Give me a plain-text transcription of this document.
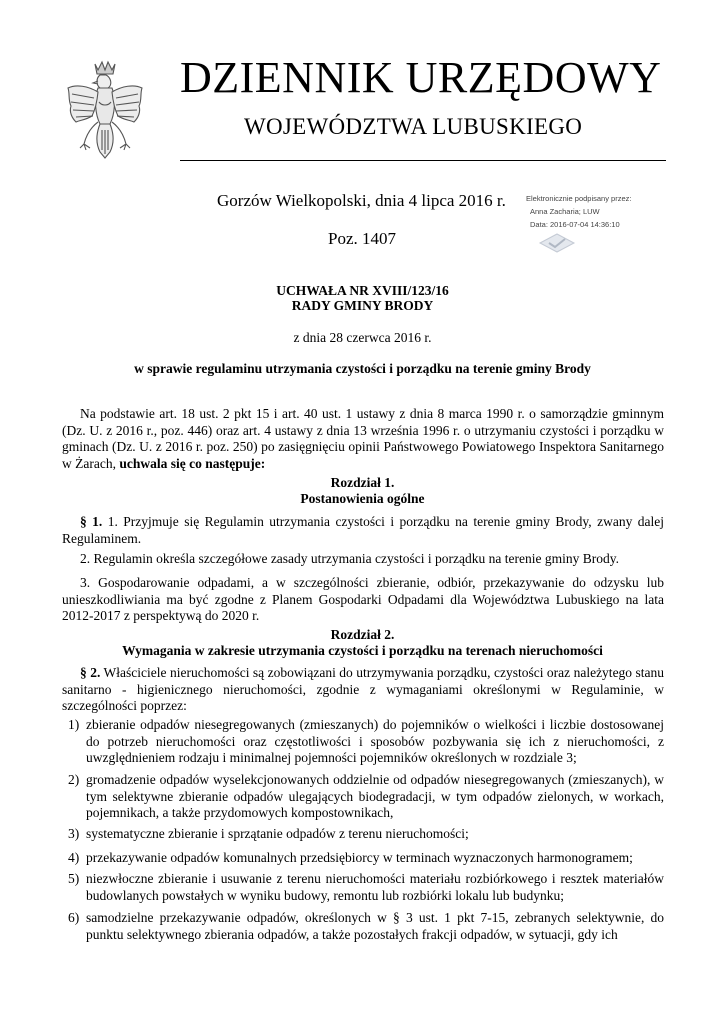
DZIENNIK URZĘDOWY
WOJEWÓDZTWA LUBUSKIEGO
Gorzów Wielkopolski, dnia 4 lipca 2016 r.
Poz. 1407
Elektronicznie podpisany przez:
Anna Zacharia; LUW
Data: 2016-07-04 14:36:10
UCHWAŁA NR XVIII/123/16
RADY GMINY BRODY
z dnia 28 czerwca 2016 r.
w sprawie regulaminu utrzymania czystości i porządku na terenie gminy Brody

Na podstawie art. 18 ust. 2 pkt 15 i art. 40 ust. 1 ustawy z dnia 8 marca 1990 r. o samorządzie gminnym (Dz. U. z 2016 r., poz. 446) oraz art. 4 ustawy z dnia 13 września 1996 r. o utrzymaniu czystości i porządku w gminach (Dz. U. z 2016 r. poz. 250) po zasięgnięciu opinii Państwowego Powiatowego Inspektora Sanitarnego w Żarach, uchwala się co następuje:

Rozdział 1.
Postanowienia ogólne

§ 1. 1. Przyjmuje się Regulamin utrzymania czystości i porządku na terenie gminy Brody, zwany dalej Regulaminem.

2. Regulamin określa szczegółowe zasady utrzymania czystości i porządku na terenie gminy Brody.

3. Gospodarowanie odpadami, a w szczególności zbieranie, odbiór, przekazywanie do odzysku lub unieszkodliwiania ma być zgodne z Planem Gospodarki Odpadami dla Województwa Lubuskiego na lata 2012-2017 z perspektywą do 2020 r.

Rozdział 2.
Wymagania w zakresie utrzymania czystości i porządku na terenach nieruchomości

§ 2. Właściciele nieruchomości są zobowiązani do utrzymywania porządku, czystości oraz należytego stanu sanitarno - higienicznego nieruchomości, zgodnie z wymaganiami określonymi w Regulaminie, w szczególności poprzez:

1) zbieranie odpadów niesegregowanych (zmieszanych) do pojemników o wielkości i liczbie dostosowanej do potrzeb nieruchomości oraz częstotliwości i sposobów pozbywania się ich z nieruchomości, z uwzględnieniem rodzaju i minimalnej pojemności pojemników określonych w rozdziale 3;
2) gromadzenie odpadów wyselekcjonowanych oddzielnie od odpadów niesegregowanych (zmieszanych), w tym selektywne zbieranie odpadów ulegających biodegradacji, w tym odpadów zielonych, w workach, pojemnikach, a także przydomowych kompostownikach,
3) systematyczne zbieranie i sprzątanie odpadów z terenu nieruchomości;
4) przekazywanie odpadów komunalnych przedsiębiorcy w terminach wyznaczonych harmonogramem;
5) niezwłoczne zbieranie i usuwanie z terenu nieruchomości materiału rozbiórkowego i resztek materiałów budowlanych powstałych w wyniku budowy, remontu lub rozbiórki lokalu lub budynku;
6) samodzielne przekazywanie odpadów, określonych w § 3 ust. 1 pkt 7-15, zebranych selektywnie, do punktu selektywnego zbierania odpadów, a także pozostałych frakcji odpadów, w sytuacji, gdy ich
